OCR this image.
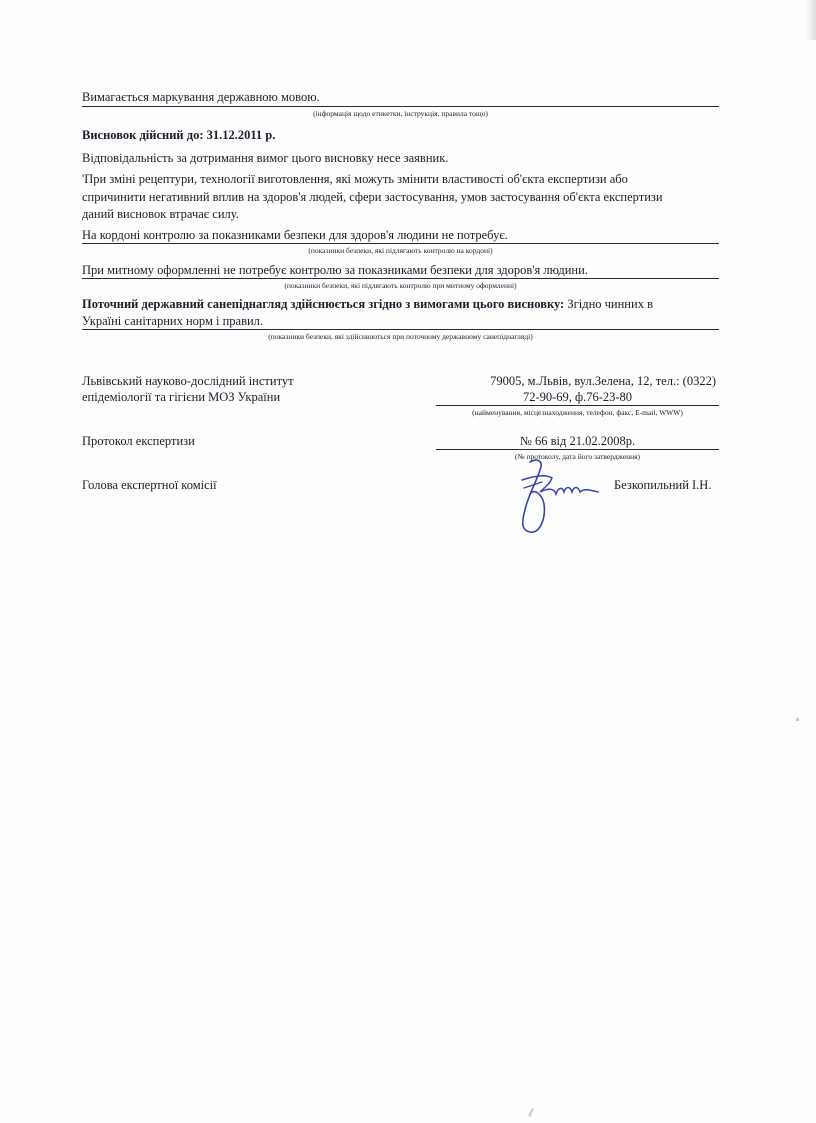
Вимагається маркування державною мовою.
(інформація щодо етикетки, інструкція, правила тощо)
Висновок дійсний до: 31.12.2011 р.
Відповідальність за дотримання вимог цього висновку несе заявник.
'При зміні рецептури, технології виготовлення, які можуть змінити властивості об'єкта експертизи або
спричинити негативний вплив на здоров'я людей, сфери застосування, умов застосування об'єкта експертизи
даний висновок втрачає силу.
На кордоні контролю за показниками безпеки для здоров'я людини не потребує.
(показники безпеки, які підлягають контролю на кордоні)
При митному оформленні не потребує контролю за показниками безпеки для здоров'я людини.
(показники безпеки, які підлягають контролю при митному оформленні)
Поточний державний санепіднагляд здійснюється згідно з вимогами цього висновку: Згідно чинних в
Україні санітарних норм і правил.
(показники безпеки, які здійснюються при поточному державному санепіднагляді)
Львівський науково-дослідний інститут
епідеміології та гігієни МОЗ України
79005, м.Львів, вул.Зелена, 12, тел.: (0322)
72-90-69, ф.76-23-80
(найменування, місцезнаходження, телефон, факс, E-mail, WWW)
Протокол експертизи	№ 66 від 21.02.2008р.
(№ протоколу, дата його затвердження)
Голова експертної комісії	Безкопильний І.Н.
